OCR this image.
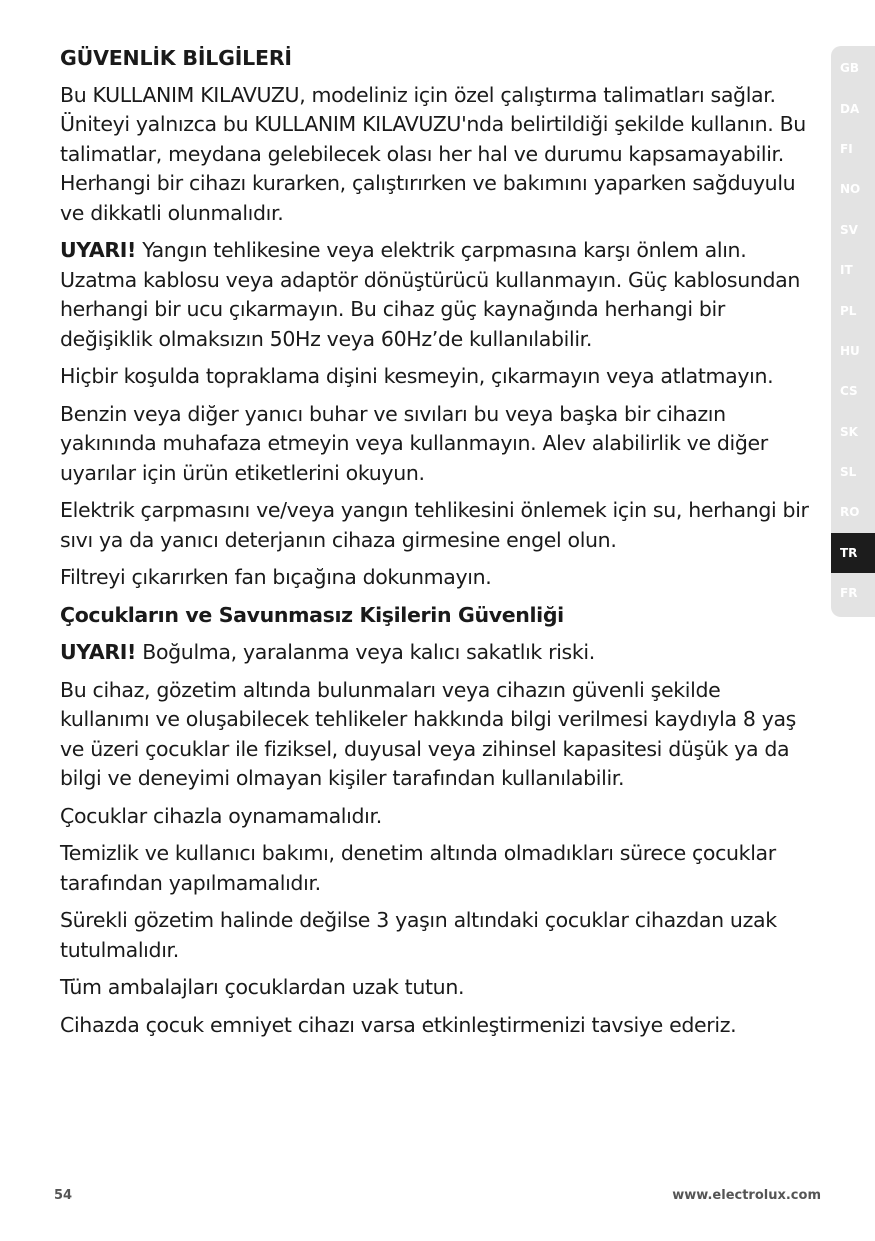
GÜVENLİK BİLGİLERİ

Bu KULLANIM KILAVUZU, modeliniz için özel çalıştırma talimatları sağlar. Üniteyi yalnızca bu KULLANIM KILAVUZU'nda belirtildiği şekilde kullanın. Bu talimatlar, meydana gelebilecek olası her hal ve durumu kapsamayabilir. Herhangi bir cihazı kurarken, çalıştırırken ve bakımını yaparken sağduyulu ve dikkatli olunmalıdır.

UYARI! Yangın tehlikesine veya elektrik çarpmasına karşı önlem alın. Uzatma kablosu veya adaptör dönüştürücü kullanmayın. Güç kablosundan herhangi bir ucu çıkarmayın. Bu cihaz güç kaynağında herhangi bir değişiklik olmaksızın 50Hz veya 60Hz’de kullanılabilir.

Hiçbir koşulda topraklama dişini kesmeyin, çıkarmayın veya atlatmayın.

Benzin veya diğer yanıcı buhar ve sıvıları bu veya başka bir cihazın yakınında muhafaza etmeyin veya kullanmayın. Alev alabilirlik ve diğer uyarılar için ürün etiketlerini okuyun.

Elektrik çarpmasını ve/veya yangın tehlikesini önlemek için su, herhangi bir sıvı ya da yanıcı deterjanın cihaza girmesine engel olun.

Filtreyi çıkarırken fan bıçağına dokunmayın.

Çocukların ve Savunmasız Kişilerin Güvenliği

UYARI! Boğulma, yaralanma veya kalıcı sakatlık riski.

Bu cihaz, gözetim altında bulunmaları veya cihazın güvenli şekilde kullanımı ve oluşabilecek tehlikeler hakkında bilgi verilmesi kaydıyla 8 yaş ve üzeri çocuklar ile fiziksel, duyusal veya zihinsel kapasitesi düşük ya da bilgi ve deneyimi olmayan kişiler tarafından kullanılabilir.

Çocuklar cihazla oynamamalıdır.

Temizlik ve kullanıcı bakımı, denetim altında olmadıkları sürece çocuklar tarafından yapılmamalıdır.

Sürekli gözetim halinde değilse 3 yaşın altındaki çocuklar cihazdan uzak tutulmalıdır.

Tüm ambalajları çocuklardan uzak tutun.

Cihazda çocuk emniyet cihazı varsa etkinleştirmenizi tavsiye ederiz.

GB
DA
FI
NO
SV
IT
PL
HU
CS
SK
SL
RO
TR
FR
54	www.electrolux.com
